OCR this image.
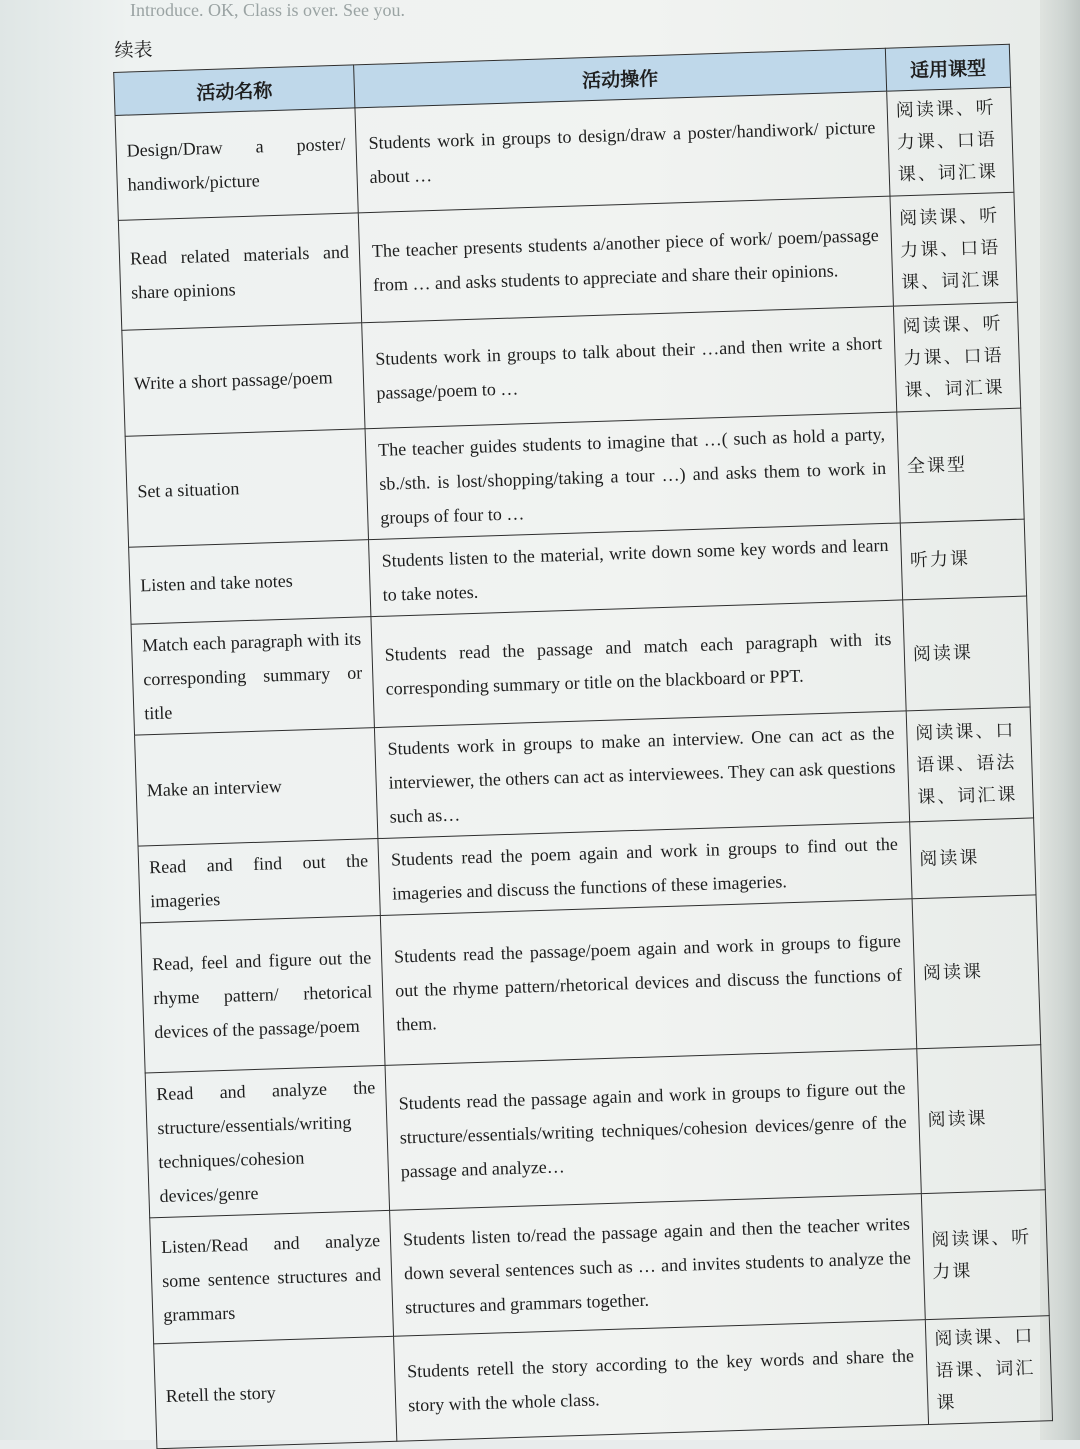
Introduce. OK, Class is over. See you.
续表
活动名称	活动操作	适用课型
Design/Draw a poster/ handiwork/picture	Students work in groups to design/draw a poster/handiwork/ picture about …	阅读课、听力课、口语课、词汇课
Read related materials and share opinions	The teacher presents students a/another piece of work/ poem/passage from … and asks students to appreciate and share their opinions.	阅读课、听力课、口语课、词汇课
Write a short passage/poem	Students work in groups to talk about their …and then write a short passage/poem to …	阅读课、听力课、口语课、词汇课
Set a situation	The teacher guides students to imagine that …( such as hold a party, sb./sth. is lost/shopping/taking a tour …) and asks them to work in groups of four to …	全课型
Listen and take notes	Students listen to the material, write down some key words and learn to take notes.	听力课
Match each paragraph with its corresponding summary or title	Students read the passage and match each paragraph with its corresponding summary or title on the blackboard or PPT.	阅读课
Make an interview	Students work in groups to make an interview. One can act as the interviewer, the others can act as interviewees. They can ask questions such as…	阅读课、口语课、语法课、词汇课
Read and find out the imageries	Students read the poem again and work in groups to find out the imageries and discuss the functions of these imageries.	阅读课
Read, feel and figure out the rhyme pattern/ rhetorical devices of the passage/poem	Students read the passage/poem again and work in groups to figure out the rhyme pattern/rhetorical devices and discuss the functions of them.	阅读课
Read and analyze the structure/essentials/writing techniques/cohesion devices/genre	Students read the passage again and work in groups to figure out the structure/essentials/writing techniques/cohesion devices/genre of the passage and analyze…	阅读课
Listen/Read and analyze some sentence structures and grammars	Students listen to/read the passage again and then the teacher writes down several sentences such as … and invites students to analyze the structures and grammars together.	阅读课、听力课
Retell the story	Students retell the story according to the key words and share the story with the whole class.	阅读课、口语课、词汇课
